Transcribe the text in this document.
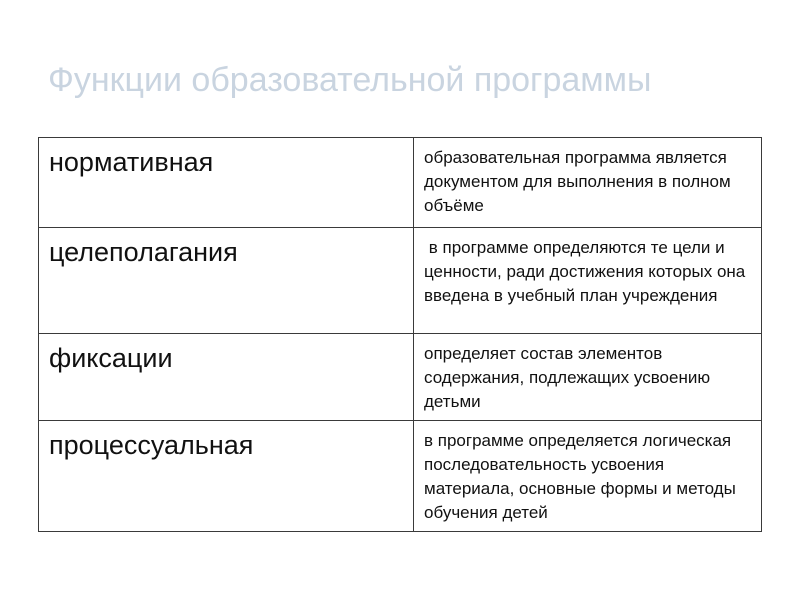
Функции образовательной программы
нормативная	образовательная программа является документом для выполнения в полном объёме
целеполагания	в программе определяются те цели и ценности, ради достижения которых она введена в учебный план учреждения
фиксации	определяет состав элементов содержания, подлежащих усвоению детьми
процессуальная	в программе определяется логическая последовательность усвоения материала, основные формы и методы обучения детей
